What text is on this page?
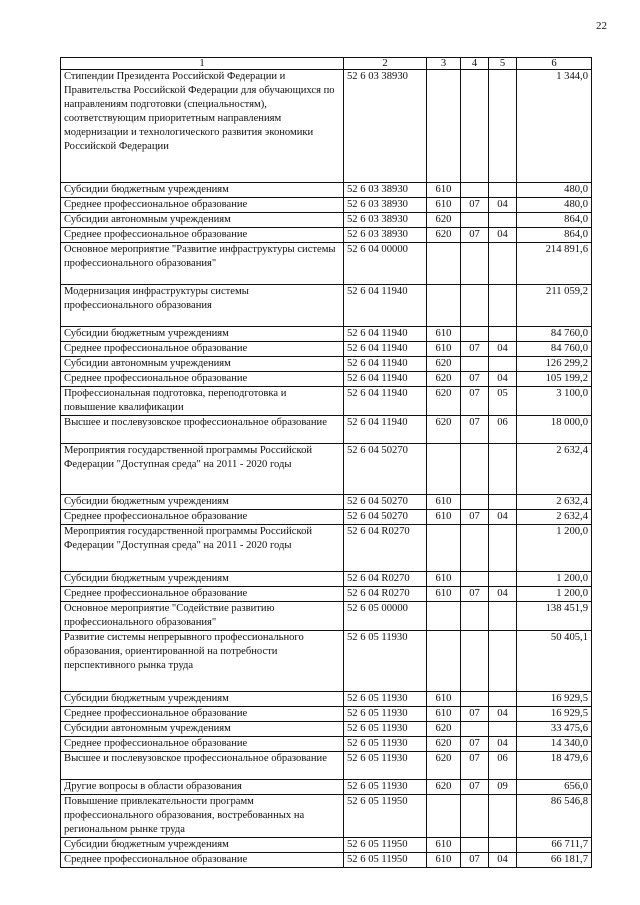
22
1	2	3	4	5	6
Стипендии Президента Российской Федерации и Правительства Российской Федерации для обучающихся по направлениям подготовки (специальностям), соответствующим приоритетным направлениям модернизации и технологического развития экономики Российской Федерации	52 6 03 38930				1 344,0
Субсидии бюджетным учреждениям	52 6 03 38930	610			480,0
Среднее профессиональное образование	52 6 03 38930	610	07	04	480,0
Субсидии автономным учреждениям	52 6 03 38930	620			864,0
Среднее профессиональное образование	52 6 03 38930	620	07	04	864,0
Основное мероприятие "Развитие инфраструктуры системы профессионального образования"	52 6 04 00000				214 891,6
Модернизация инфраструктуры системы профессионального образования	52 6 04 11940				211 059,2
Субсидии бюджетным учреждениям	52 6 04 11940	610			84 760,0
Среднее профессиональное образование	52 6 04 11940	610	07	04	84 760,0
Субсидии автономным учреждениям	52 6 04 11940	620			126 299,2
Среднее профессиональное образование	52 6 04 11940	620	07	04	105 199,2
Профессиональная подготовка, переподготовка и повышение квалификации	52 6 04 11940	620	07	05	3 100,0
Высшее и послевузовское профессиональное образование	52 6 04 11940	620	07	06	18 000,0
Мероприятия государственной программы Российской Федерации "Доступная среда" на 2011 - 2020 годы	52 6 04 50270				2 632,4
Субсидии бюджетным учреждениям	52 6 04 50270	610			2 632,4
Среднее профессиональное образование	52 6 04 50270	610	07	04	2 632,4
Мероприятия государственной программы Российской Федерации "Доступная среда" на 2011 - 2020 годы	52 6 04 R0270				1 200,0
Субсидии бюджетным учреждениям	52 6 04 R0270	610			1 200,0
Среднее профессиональное образование	52 6 04 R0270	610	07	04	1 200,0
Основное мероприятие "Содействие развитию профессионального образования"	52 6 05 00000				138 451,9
Развитие системы непрерывного профессионального образования, ориентированной на потребности перспективного рынка труда	52 6 05 11930				50 405,1
Субсидии бюджетным учреждениям	52 6 05 11930	610			16 929,5
Среднее профессиональное образование	52 6 05 11930	610	07	04	16 929,5
Субсидии автономным учреждениям	52 6 05 11930	620			33 475,6
Среднее профессиональное образование	52 6 05 11930	620	07	04	14 340,0
Высшее и послевузовское профессиональное образование	52 6 05 11930	620	07	06	18 479,6
Другие вопросы в области образования	52 6 05 11930	620	07	09	656,0
Повышение привлекательности программ профессионального образования, востребованных на региональном рынке труда	52 6 05 11950				86 546,8
Субсидии бюджетным учреждениям	52 6 05 11950	610			66 711,7
Среднее профессиональное образование	52 6 05 11950	610	07	04	66 181,7
